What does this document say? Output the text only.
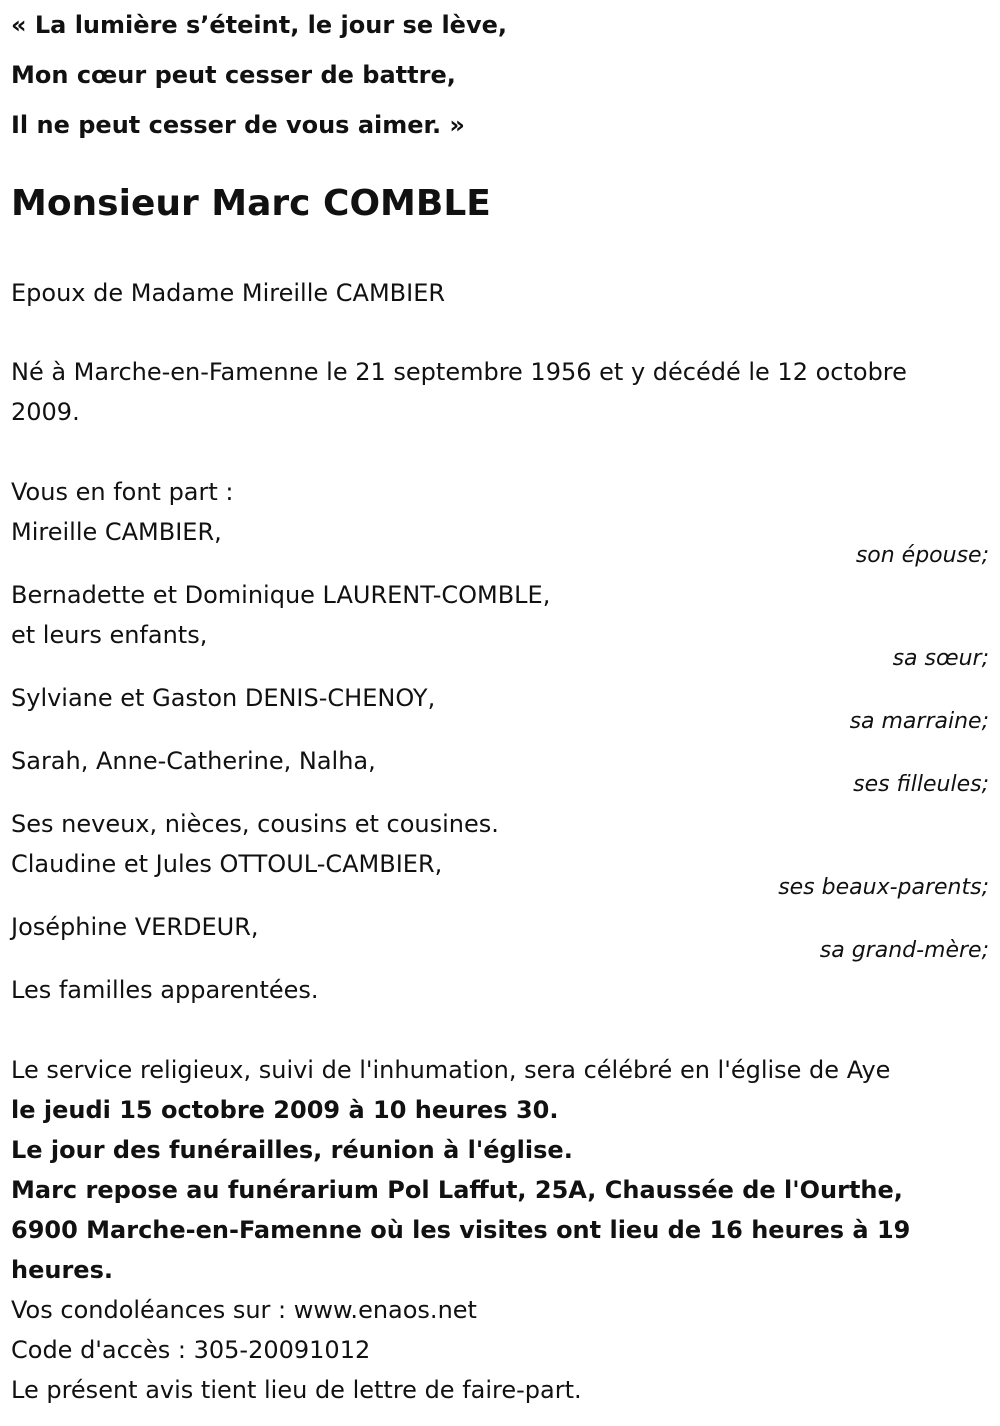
« La lumière s’éteint, le jour se lève,
Mon cœur peut cesser de battre,
Il ne peut cesser de vous aimer. »
Monsieur Marc COMBLE
Epoux de Madame Mireille CAMBIER
Né à Marche-en-Famenne le 21 septembre 1956 et y décédé le 12 octobre
2009.
Vous en font part :
Mireille CAMBIER,
son épouse;
Bernadette et Dominique LAURENT-COMBLE,
et leurs enfants,
sa sœur;
Sylviane et Gaston DENIS-CHENOY,
sa marraine;
Sarah, Anne-Catherine, Nalha,
ses filleules;
Ses neveux, nièces, cousins et cousines.
Claudine et Jules OTTOUL-CAMBIER,
ses beaux-parents;
Joséphine VERDEUR,
sa grand-mère;
Les familles apparentées.
Le service religieux, suivi de l'inhumation, sera célébré en l'église de Aye
le jeudi 15 octobre 2009 à 10 heures 30.
Le jour des funérailles, réunion à l'église.
Marc repose au funérarium Pol Laffut, 25A, Chaussée de l'Ourthe,
6900 Marche-en-Famenne où les visites ont lieu de 16 heures à 19
heures.
Vos condoléances sur : www.enaos.net
Code d'accès : 305-20091012
Le présent avis tient lieu de lettre de faire-part.
